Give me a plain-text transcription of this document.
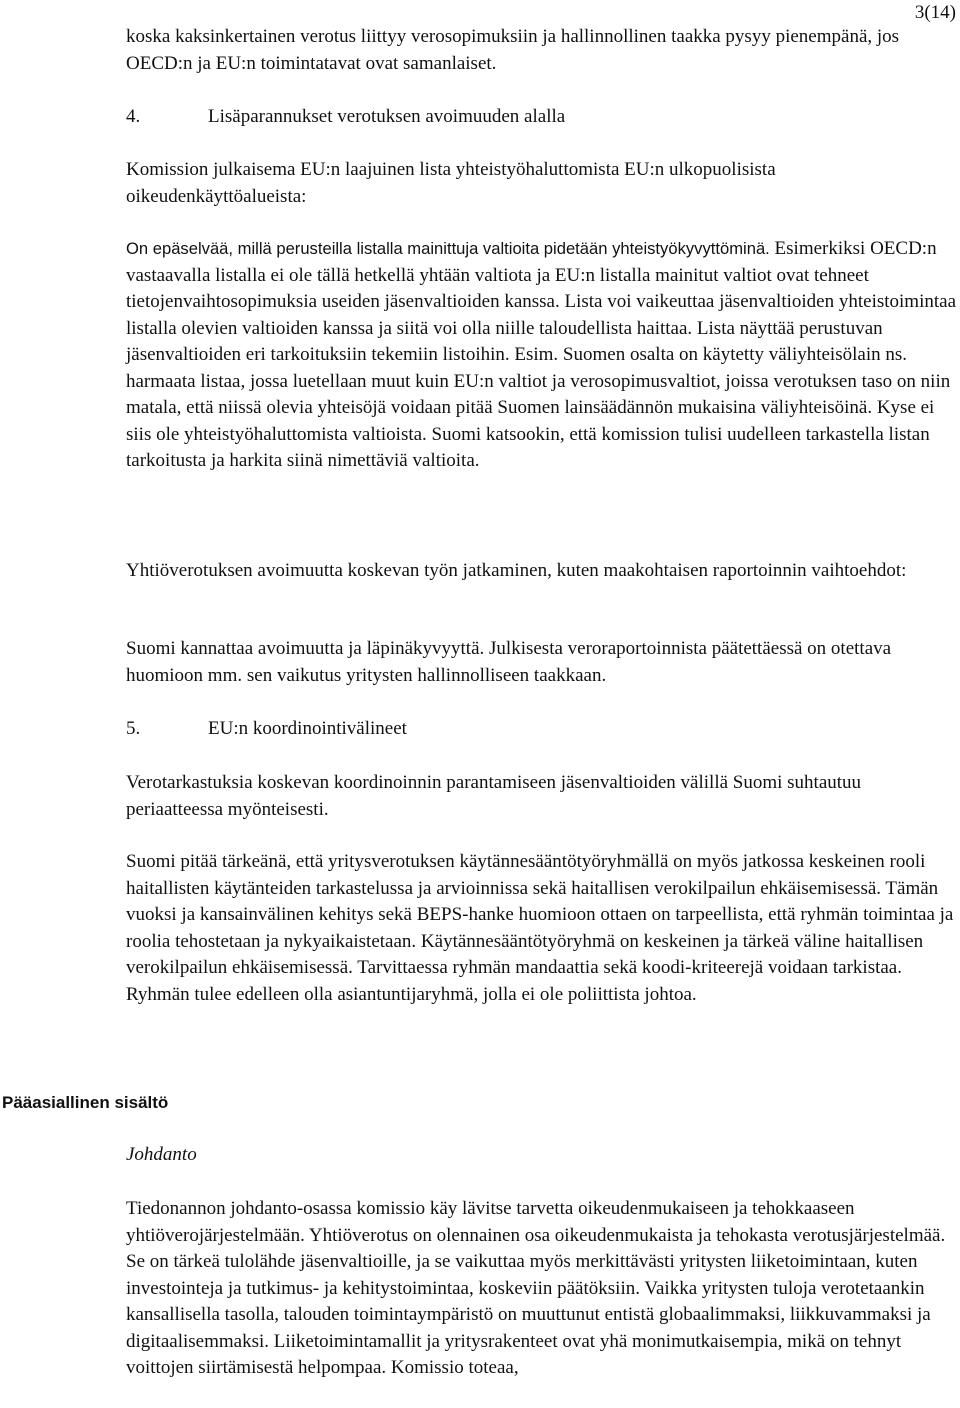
3(14)

koska kaksinkertainen verotus liittyy verosopimuksiin ja hallinnollinen taakka pysyy pienempänä, jos OECD:n ja EU:n toimintatavat ovat samanlaiset.

4.	Lisäparannukset verotuksen avoimuuden alalla

Komission julkaisema EU:n laajuinen lista yhteistyöhaluttomista EU:n ulkopuolisista oikeudenkäyttöalueista:

On epäselvää, millä perusteilla listalla mainittuja valtioita pidetään yhteistyökyvyttöminä. Esimerkiksi OECD:n vastaavalla listalla ei ole tällä hetkellä yhtään valtiota ja EU:n listalla mainitut valtiot ovat tehneet tietojenvaihtosopimuksia useiden jäsenvaltioiden kanssa. Lista voi vaikeuttaa jäsenvaltioiden yhteistoimintaa listalla olevien valtioiden kanssa ja siitä voi olla niille taloudellista haittaa. Lista näyttää perustuvan jäsenvaltioiden eri tarkoituksiin tekemiin listoihin. Esim. Suomen osalta on käytetty väliyhteisölain ns. harmaata listaa, jossa luetellaan muut kuin EU:n valtiot ja verosopimusvaltiot, joissa verotuksen taso on niin matala, että niissä olevia yhteisöjä voidaan pitää Suomen lainsäädännön mukaisina väliyhteisöinä. Kyse ei siis ole yhteistyöhaluttomista valtioista. Suomi katsookin, että komission tulisi uudelleen tarkastella listan tarkoitusta ja harkita siinä nimettäviä valtioita.

Yhtiöverotuksen avoimuutta koskevan työn jatkaminen, kuten maakohtaisen raportoinnin vaihtoehdot:

Suomi kannattaa avoimuutta ja läpinäkyvyyttä. Julkisesta veroraportoinnista päätettäessä on otettava huomioon mm. sen vaikutus yritysten hallinnolliseen taakkaan.

5.	EU:n koordinointivälineet

Verotarkastuksia koskevan koordinoinnin parantamiseen jäsenvaltioiden välillä Suomi suhtautuu periaatteessa myönteisesti.

Suomi pitää tärkeänä, että yritysverotuksen käytännesääntötyöryhmällä on myös jatkossa keskeinen rooli haitallisten käytänteiden tarkastelussa ja arvioinnissa sekä haitallisen verokilpailun ehkäisemisessä. Tämän vuoksi ja kansainvälinen kehitys sekä BEPS-hanke huomioon ottaen on tarpeellista, että ryhmän toimintaa ja roolia tehostetaan ja nykyaikaistetaan. Käytännesääntötyöryhmä on keskeinen ja tärkeä väline haitallisen verokilpailun ehkäisemisessä. Tarvittaessa ryhmän mandaattia sekä koodi-kriteerejä voidaan tarkistaa. Ryhmän tulee edelleen olla asiantuntijaryhmä, jolla ei ole poliittista johtoa.

Pääasiallinen sisältö
Johdanto

Tiedonannon johdanto-osassa komissio käy lävitse tarvetta oikeudenmukaiseen ja tehokkaaseen yhtiöverojärjestelmään. Yhtiöverotus on olennainen osa oikeudenmukaista ja tehokasta verotusjärjestelmää. Se on tärkeä tulolähde jäsenvaltioille, ja se vaikuttaa myös merkittävästi yritysten liiketoimintaan, kuten investointeja ja tutkimus- ja kehitystoimintaa, koskeviin päätöksiin. Vaikka yritysten tuloja verotetaankin kansallisella tasolla, talouden toimintaympäristö on muuttunut entistä globaalimmaksi, liikkuvammaksi ja digitaalisemmaksi. Liiketoimintamallit ja yritysrakenteet ovat yhä monimutkaisempia, mikä on tehnyt voittojen siirtämisestä helpompaa. Komissio toteaa,
